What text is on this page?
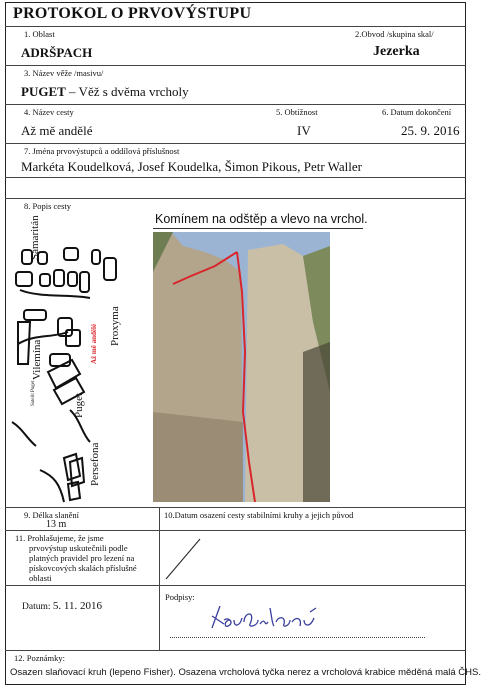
PROTOKOL O PRVOVÝSTUPU
1. Oblast
ADRŠPACH
2.Obvod /skupina skal/
Jezerka
3. Název věže /masivu/
PUGET – Věž s dvěma vrcholy
4. Název cesty
Až mě andělé
5. Obtížnost
IV
6. Datum dokončení
25. 9. 2016
7. Jména prvovýstupců a oddílová příslušnost
Markéta Koudelková, Josef Koudelka, Šimon Pikous, Petr Waller
8. Popis cesty
Komínem na odštěp a vlevo na vrchol.
Samaritán
Vilemína
Proxyma
Až mě andělé
Puget
Persefona
Satelit Puget
9. Délka slanění
13 m
10.Datum osazení cesty stabilními kruhy a jejich původ
11. Prohlašujeme, že jsme
prvovýstup uskutečnili podle
platných pravidel pro lezení na
pískovcových skalách příslušné
oblasti
Datum: 5. 11. 2016
Podpisy:
12. Poznámky:
Osazen slaňovací kruh (lepeno Fisher). Osazena vrcholová tyčka nerez a vrcholová krabice měděná malá ČHS.
